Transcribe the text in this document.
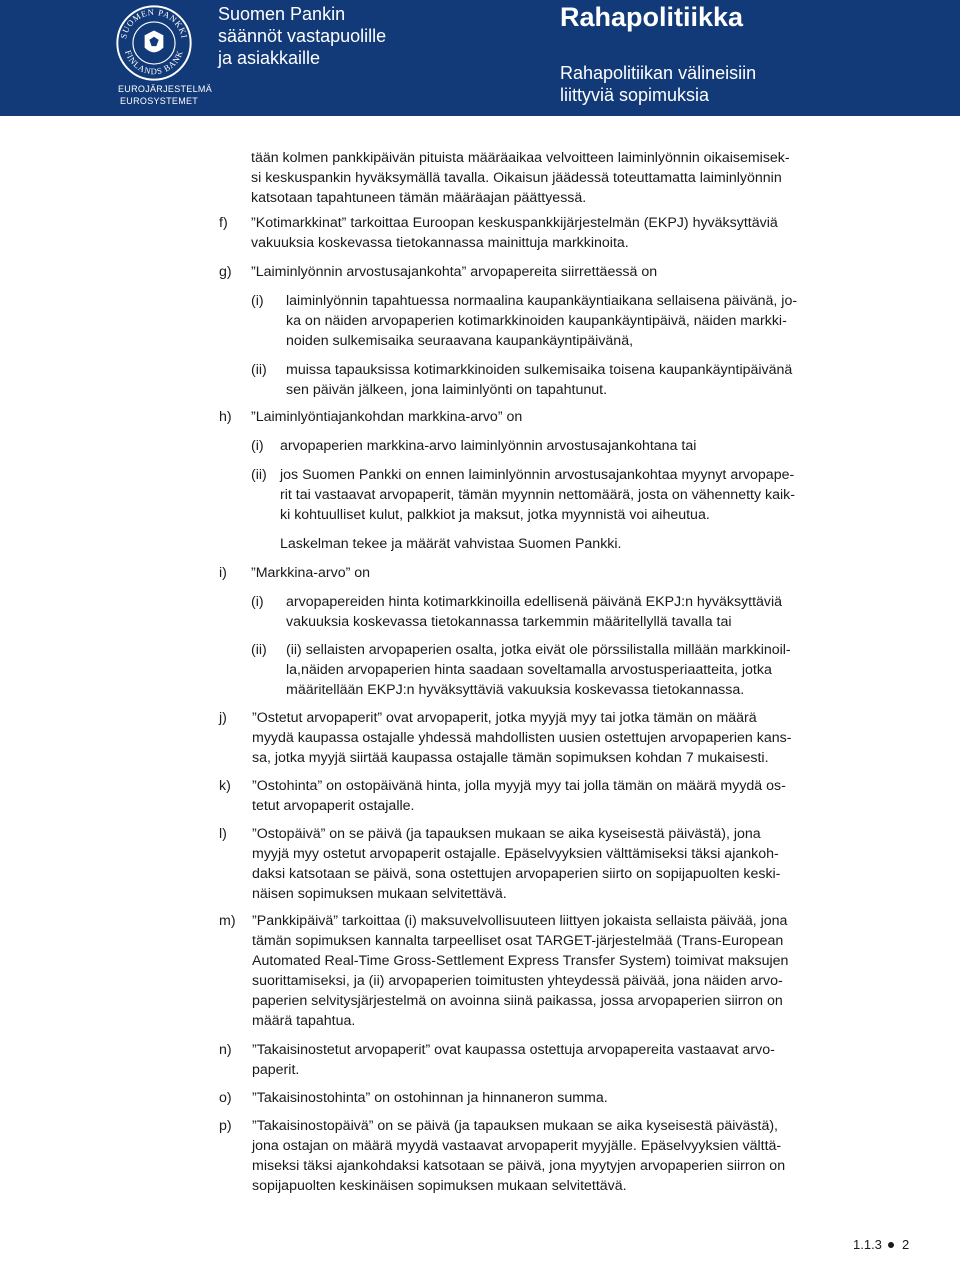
SUOMEN PANKKI
FINLANDS BANK
EUROJÄRJESTELMÄ
EUROSYSTEMET
Suomen Pankin
säännöt vastapuolille
ja asiakkaille
Rahapolitiikka
Rahapolitiikan välineisiin
liittyviä sopimuksia
tään kolmen pankkipäivän pituista määräaikaa velvoitteen laiminlyönnin oikaisemisek-
si keskuspankin hyväksymällä tavalla. Oikaisun jäädessä toteuttamatta laiminlyönnin
katsotaan tapahtuneen tämän määräajan päättyessä.
f) ”Kotimarkkinat” tarkoittaa Euroopan keskuspankkijärjestelmän (EKPJ) hyväksyttäviä
vakuuksia koskevassa tietokannassa mainittuja markkinoita.
g) ”Laiminlyönnin arvostusajankohta” arvopapereita siirrettäessä on
(i) laiminlyönnin tapahtuessa normaalina kaupankäyntiaikana sellaisena päivänä, jo-
ka on näiden arvopaperien kotimarkkinoiden kaupankäyntipäivä, näiden markki-
noiden sulkemisaika seuraavana kaupankäyntipäivänä,
(ii) muissa tapauksissa kotimarkkinoiden sulkemisaika toisena kaupankäyntipäivänä
sen päivän jälkeen, jona laiminlyönti on tapahtunut.
h) ”Laiminlyöntiajankohdan markkina-arvo” on
(i) arvopaperien markkina-arvo laiminlyönnin arvostusajankohtana tai
(ii) jos Suomen Pankki on ennen laiminlyönnin arvostusajankohtaa myynyt arvopape-
rit tai vastaavat arvopaperit, tämän myynnin nettomäärä, josta on vähennetty kaik-
ki kohtuulliset kulut, palkkiot ja maksut, jotka myynnistä voi aiheutua.
Laskelman tekee ja määrät vahvistaa Suomen Pankki.
i) ”Markkina-arvo” on
(i) arvopapereiden hinta kotimarkkinoilla edellisenä päivänä EKPJ:n hyväksyttäviä
vakuuksia koskevassa tietokannassa tarkemmin määritellyllä tavalla tai
(ii) (ii) sellaisten arvopaperien osalta, jotka eivät ole pörssilistalla millään markkinoil-
la,näiden arvopaperien hinta saadaan soveltamalla arvostusperiaatteita, jotka
määritellään EKPJ:n hyväksyttäviä vakuuksia koskevassa tietokannassa.
j) ”Ostetut arvopaperit” ovat arvopaperit, jotka myyjä myy tai jotka tämän on määrä
myydä kaupassa ostajalle yhdessä mahdollisten uusien ostettujen arvopaperien kans-
sa, jotka myyjä siirtää kaupassa ostajalle tämän sopimuksen kohdan 7 mukaisesti.
k) ”Ostohinta” on ostopäivänä hinta, jolla myyjä myy tai jolla tämän on määrä myydä os-
tetut arvopaperit ostajalle.
l) ”Ostopäivä” on se päivä (ja tapauksen mukaan se aika kyseisestä päivästä), jona
myyjä myy ostetut arvopaperit ostajalle. Epäselvyyksien välttämiseksi täksi ajankoh-
daksi katsotaan se päivä, sona ostettujen arvopaperien siirto on sopijapuolten keski-
näisen sopimuksen mukaan selvitettävä.
m) ”Pankkipäivä” tarkoittaa (i) maksuvelvollisuuteen liittyen jokaista sellaista päivää, jona
tämän sopimuksen kannalta tarpeelliset osat TARGET-järjestelmää (Trans-European
Automated Real-Time Gross-Settlement Express Transfer System) toimivat maksujen
suorittamiseksi, ja (ii) arvopaperien toimitusten yhteydessä päivää, jona näiden arvo-
paperien selvitysjärjestelmä on avoinna siinä paikassa, jossa arvopaperien siirron on
määrä tapahtua.
n) ”Takaisinostetut arvopaperit” ovat kaupassa ostettuja arvopapereita vastaavat arvo-
paperit.
o) ”Takaisinostohinta” on ostohinnan ja hinnaneron summa.
p) ”Takaisinostopäivä” on se päivä (ja tapauksen mukaan se aika kyseisestä päivästä),
jona ostajan on määrä myydä vastaavat arvopaperit myyjälle. Epäselvyyksien välttä-
miseksi täksi ajankohdaksi katsotaan se päivä, jona myytyjen arvopaperien siirron on
sopijapuolten keskinäisen sopimuksen mukaan selvitettävä.
1.1.3 2
